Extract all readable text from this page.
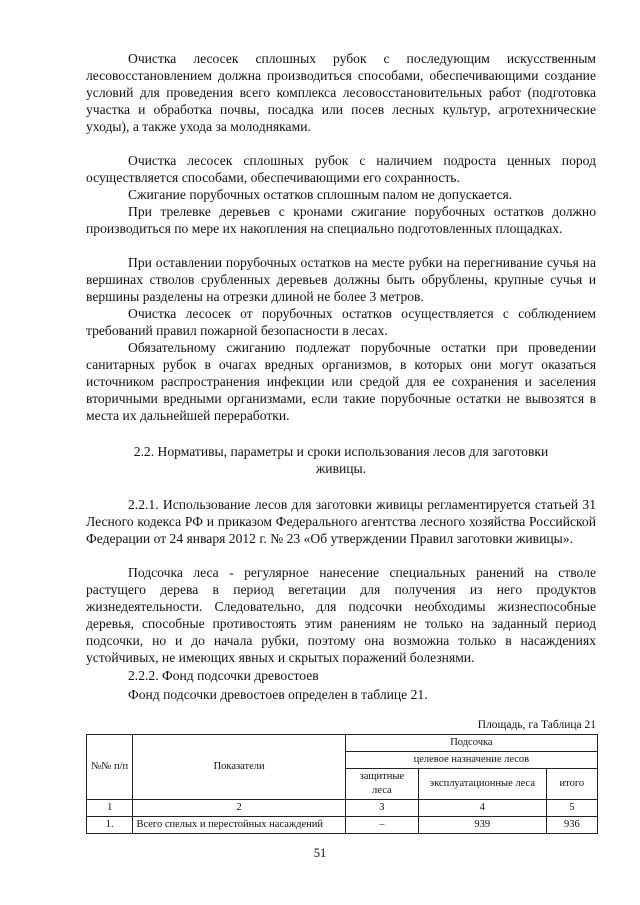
Очистка лесосек сплошных рубок с последующим искусственным лесовосстановлением должна производиться способами, обеспечивающими создание условий для проведения всего комплекса лесовосстановительных работ (подготовка участка и обработка почвы, посадка или посев лесных культур, агротехнические уходы), а также ухода за молодняками.

Очистка лесосек сплошных рубок с наличием подроста ценных пород осуществляется способами, обеспечивающими его сохранность.

Сжигание порубочных остатков сплошным палом не допускается.

При трелевке деревьев с кронами сжигание порубочных остатков должно производиться по мере их накопления на специально подготовленных площадках.

При оставлении порубочных остатков на месте рубки на перегнивание сучья на вершинах стволов срубленных деревьев должны быть обрублены, крупные сучья и вершины разделены на отрезки длиной не более 3 метров.

Очистка лесосек от порубочных остатков осуществляется с соблюдением требований правил пожарной безопасности в лесах.

Обязательному сжиганию подлежат порубочные остатки при проведении санитарных рубок в очагах вредных организмов, в которых они могут оказаться источником распространения инфекции или средой для ее сохранения и заселения вторичными вредными организмами, если такие порубочные остатки не вывозятся в места их дальнейшей переработки.

2.2. Нормативы, параметры и сроки использования лесов для заготовки живицы.

2.2.1. Использование лесов для заготовки живицы регламентируется статьей 31 Лесного кодекса РФ и приказом Федерального агентства лесного хозяйства Российской Федерации от 24 января 2012 г. № 23 «Об утверждении Правил заготовки живицы».

Подсочка леса - регулярное нанесение специальных ранений на стволе растущего дерева в период вегетации для получения из него продуктов жизнедеятельности. Следовательно, для подсочки необходимы жизнеспособные деревья, способные противостоять этим ранениям не только на заданный период подсочки, но и до начала рубки, поэтому она возможна только в насаждениях устойчивых, не имеющих явных и скрытых поражений болезнями.

2.2.2. Фонд подсочки древостоев

Фонд подсочки древостоев определен в таблице 21.

Площадь, га Таблица 21
№№ п/п	Показатели	Подсочка		
		целевое назначение лесов		
		защитные леса	эксплуатационные леса	итого
1	2	3	4	5
1.	Всего спелых и перестойных насаждений	–	939	936
51
